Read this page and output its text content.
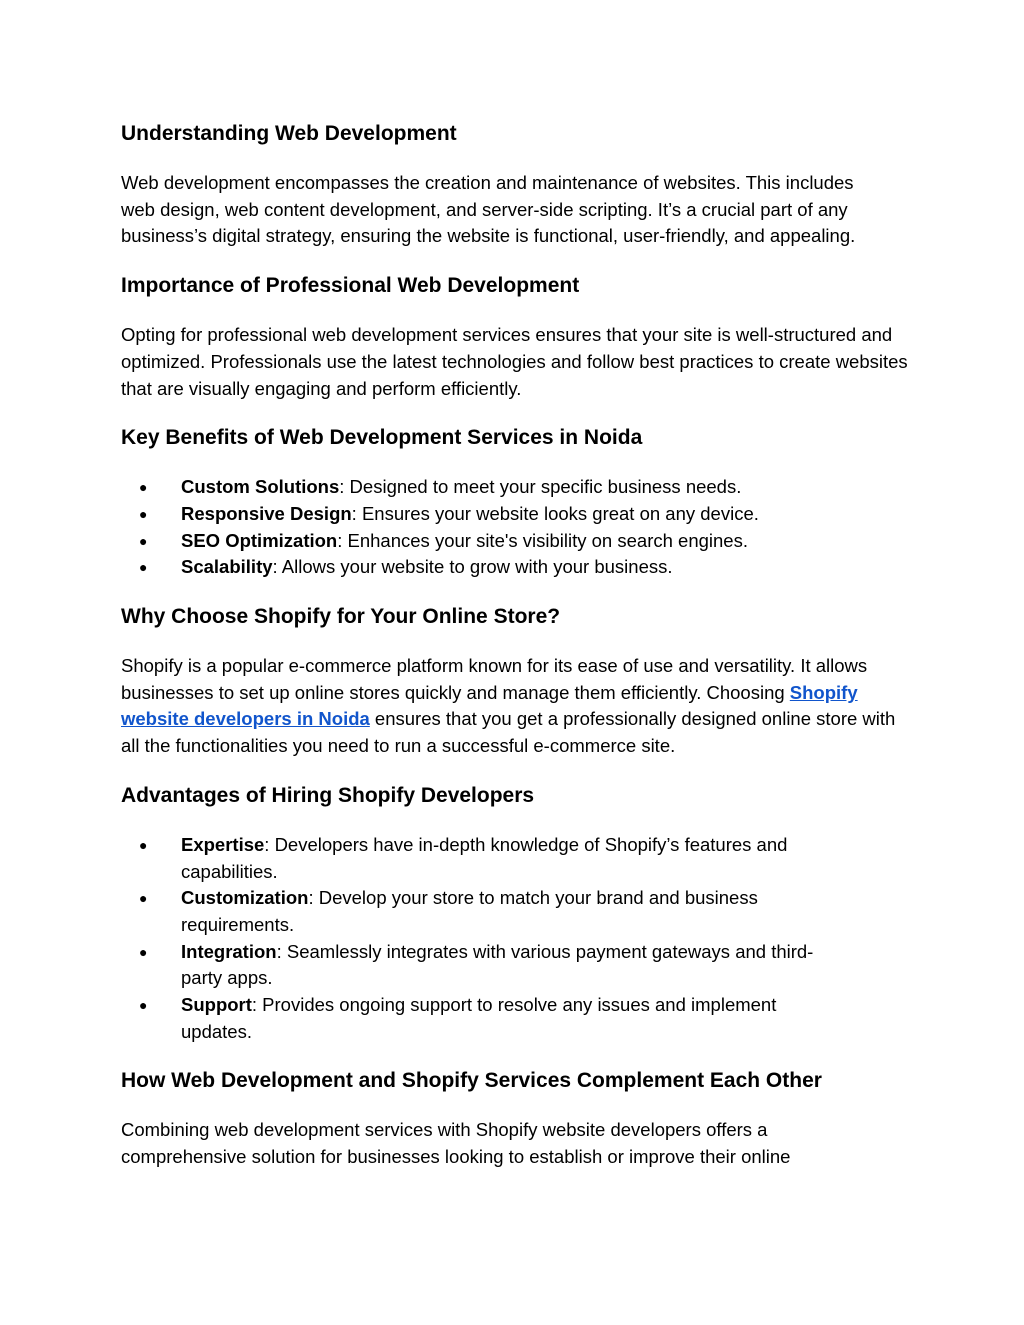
Understanding Web Development

Web development encompasses the creation and maintenance of websites. This includes web design, web content development, and server-side scripting. It’s a crucial part of any business’s digital strategy, ensuring the website is functional, user-friendly, and appealing.

Importance of Professional Web Development

Opting for professional web development services ensures that your site is well-structured and optimized. Professionals use the latest technologies and follow best practices to create websites that are visually engaging and perform efficiently.

Key Benefits of Web Development Services in Noida
● Custom Solutions: Designed to meet your specific business needs.
● Responsive Design: Ensures your website looks great on any device.
● SEO Optimization: Enhances your site's visibility on search engines.
● Scalability: Allows your website to grow with your business.
Why Choose Shopify for Your Online Store?

Shopify is a popular e-commerce platform known for its ease of use and versatility. It allows businesses to set up online stores quickly and manage them efficiently. Choosing Shopify website developers in Noida ensures that you get a professionally designed online store with all the functionalities you need to run a successful e-commerce site.

Advantages of Hiring Shopify Developers
● Expertise: Developers have in-depth knowledge of Shopify’s features and capabilities.
● Customization: Develop your store to match your brand and business requirements.
● Integration: Seamlessly integrates with various payment gateways and third-party apps.
● Support: Provides ongoing support to resolve any issues and implement updates.
How Web Development and Shopify Services Complement Each Other

Combining web development services with Shopify website developers offers a comprehensive solution for businesses looking to establish or improve their online
